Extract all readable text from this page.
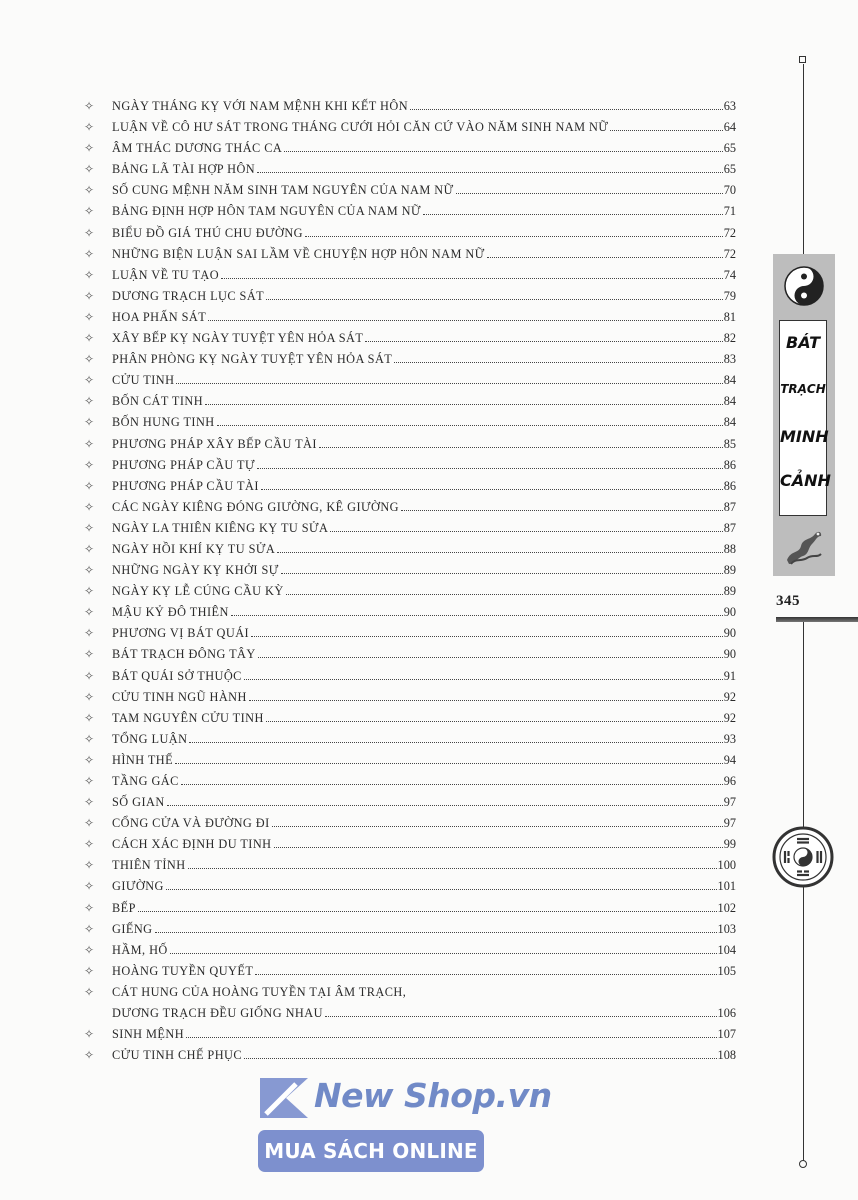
✧	NGÀY THÁNG KỴ VỚI NAM MỆNH KHI KẾT HÔN	63
✧	LUẬN VỀ CÔ HƯ SÁT TRONG THÁNG CƯỚI HỎI CĂN CỨ VÀO NĂM SINH NAM NỮ	64
✧	ÂM THÁC DƯƠNG THÁC CA	65
✧	BẢNG LÃ TÀI HỢP HÔN	65
✧	SỐ CUNG MỆNH NĂM SINH TAM NGUYÊN CỦA NAM NỮ	70
✧	BẢNG ĐỊNH HỢP HÔN TAM NGUYÊN CỦA NAM NỮ	71
✧	BIỂU ĐỒ GIÁ THÚ CHU ĐƯỜNG	72
✧	NHỮNG BIỆN LUẬN SAI LẦM VỀ CHUYỆN HỢP HÔN NAM NỮ	72
✧	LUẬN VỀ TU TẠO	74
✧	DƯƠNG TRẠCH LỤC SÁT	79
✧	HOA PHẤN SÁT	81
✧	XÂY BẾP KỴ NGÀY TUYỆT YÊN HỎA SÁT	82
✧	PHÂN PHÒNG KỴ NGÀY TUYỆT YÊN HỎA SÁT	83
✧	CỬU TINH	84
✧	BỐN CÁT TINH	84
✧	BỐN HUNG TINH	84
✧	PHƯƠNG PHÁP XÂY BẾP CẦU TÀI	85
✧	PHƯƠNG PHÁP CẦU TỰ	86
✧	PHƯƠNG PHÁP CẦU TÀI	86
✧	CÁC NGÀY KIÊNG ĐÓNG GIƯỜNG, KÊ GIƯỜNG	87
✧	NGÀY LA THIÊN KIÊNG KỴ TU SỬA	87
✧	NGÀY HỒI KHÍ KỴ TU SỬA	88
✧	NHỮNG NGÀY KỴ KHỞI SỰ	89
✧	NGÀY KỴ LỄ CÚNG CẦU KỲ	89
✧	MẬU KỶ ĐÔ THIÊN	90
✧	PHƯƠNG VỊ BÁT QUÁI	90
✧	BÁT TRẠCH ĐÔNG TÂY	90
✧	BÁT QUÁI SỞ THUỘC	91
✧	CỬU TINH NGŨ HÀNH	92
✧	TAM NGUYÊN CỬU TINH	92
✧	TỔNG LUẬN	93
✧	HÌNH THẾ	94
✧	TẦNG GÁC	96
✧	SỐ GIAN	97
✧	CỔNG CỬA VÀ ĐƯỜNG ĐI	97
✧	CÁCH XÁC ĐỊNH DU TINH	99
✧	THIÊN TỈNH	100
✧	GIƯỜNG	101
✧	BẾP	102
✧	GIẾNG	103
✧	HẦM, HỐ	104
✧	HOÀNG TUYỀN QUYẾT	105
✧	CÁT HUNG CỦA HOÀNG TUYỀN TẠI ÂM TRẠCH,
DƯƠNG TRẠCH ĐỀU GIỐNG NHAU	106
✧	SINH MỆNH	107
✧	CỬU TINH CHẾ PHỤC	108
BÁT
TRẠCH
MINH
CẢNH
345
New Shop.vn
MUA SÁCH ONLINE
